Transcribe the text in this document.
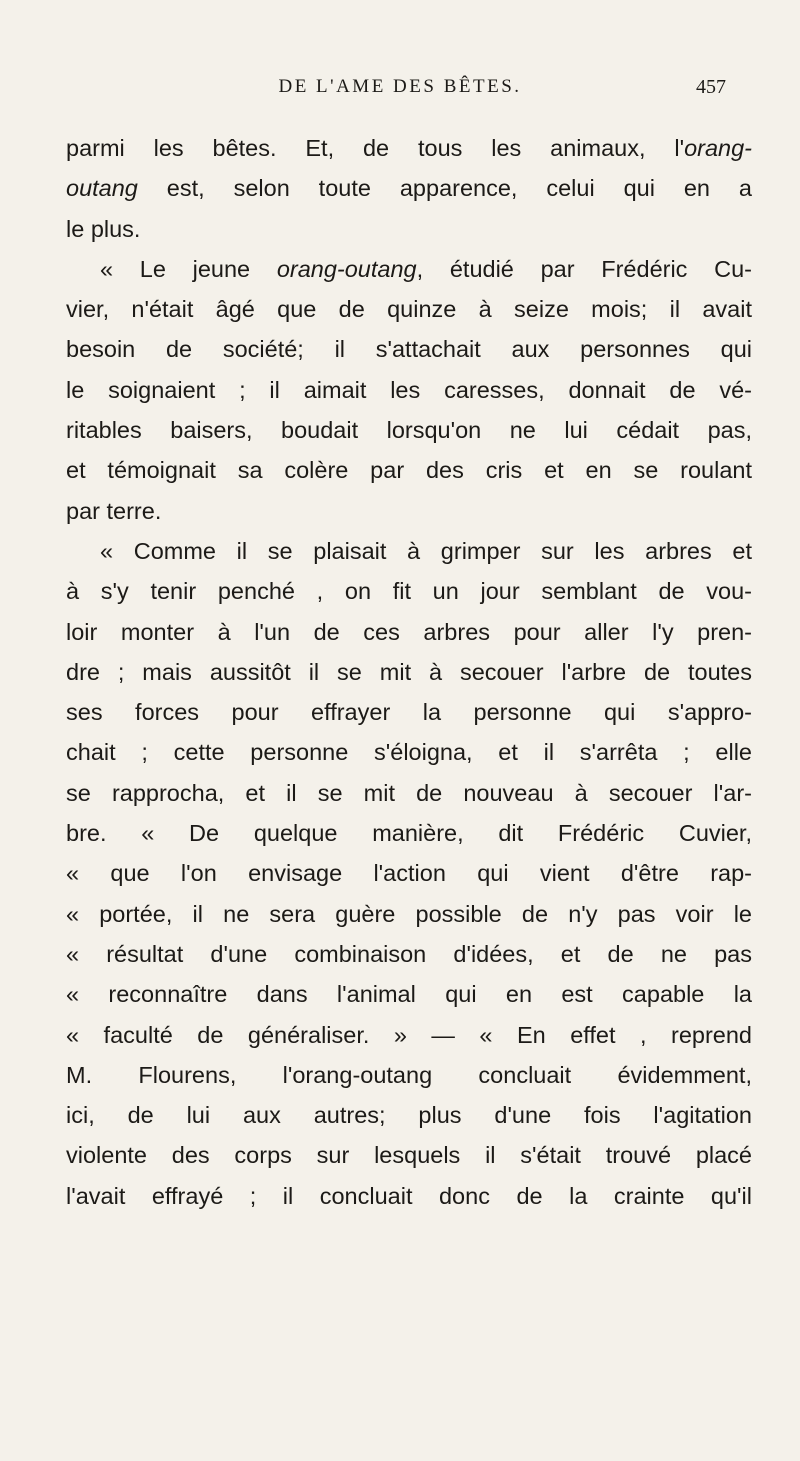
DE L'AME DES BÊTES.	457
parmi les bêtes. Et, de tous les animaux, l'orang-
outang est, selon toute apparence, celui qui en a
le plus.
« Le jeune orang-outang, étudié par Frédéric Cu-
vier, n'était âgé que de quinze à seize mois; il avait
besoin de société; il s'attachait aux personnes qui
le soignaient ; il aimait les caresses, donnait de vé-
ritables baisers, boudait lorsqu'on ne lui cédait pas,
et témoignait sa colère par des cris et en se roulant
par terre.
« Comme il se plaisait à grimper sur les arbres et
à s'y tenir penché , on fit un jour semblant de vou-
loir monter à l'un de ces arbres pour aller l'y pren-
dre ; mais aussitôt il se mit à secouer l'arbre de toutes
ses forces pour effrayer la personne qui s'appro-
chait ; cette personne s'éloigna, et il s'arrêta ; elle
se rapprocha, et il se mit de nouveau à secouer l'ar-
bre. « De quelque manière, dit Frédéric Cuvier,
« que l'on envisage l'action qui vient d'être rap-
« portée, il ne sera guère possible de n'y pas voir le
« résultat d'une combinaison d'idées, et de ne pas
« reconnaître dans l'animal qui en est capable la
« faculté de généraliser. » — « En effet , reprend
M. Flourens, l'orang-outang concluait évidemment,
ici, de lui aux autres; plus d'une fois l'agitation
violente des corps sur lesquels il s'était trouvé placé
l'avait effrayé ; il concluait donc de la crainte qu'il
